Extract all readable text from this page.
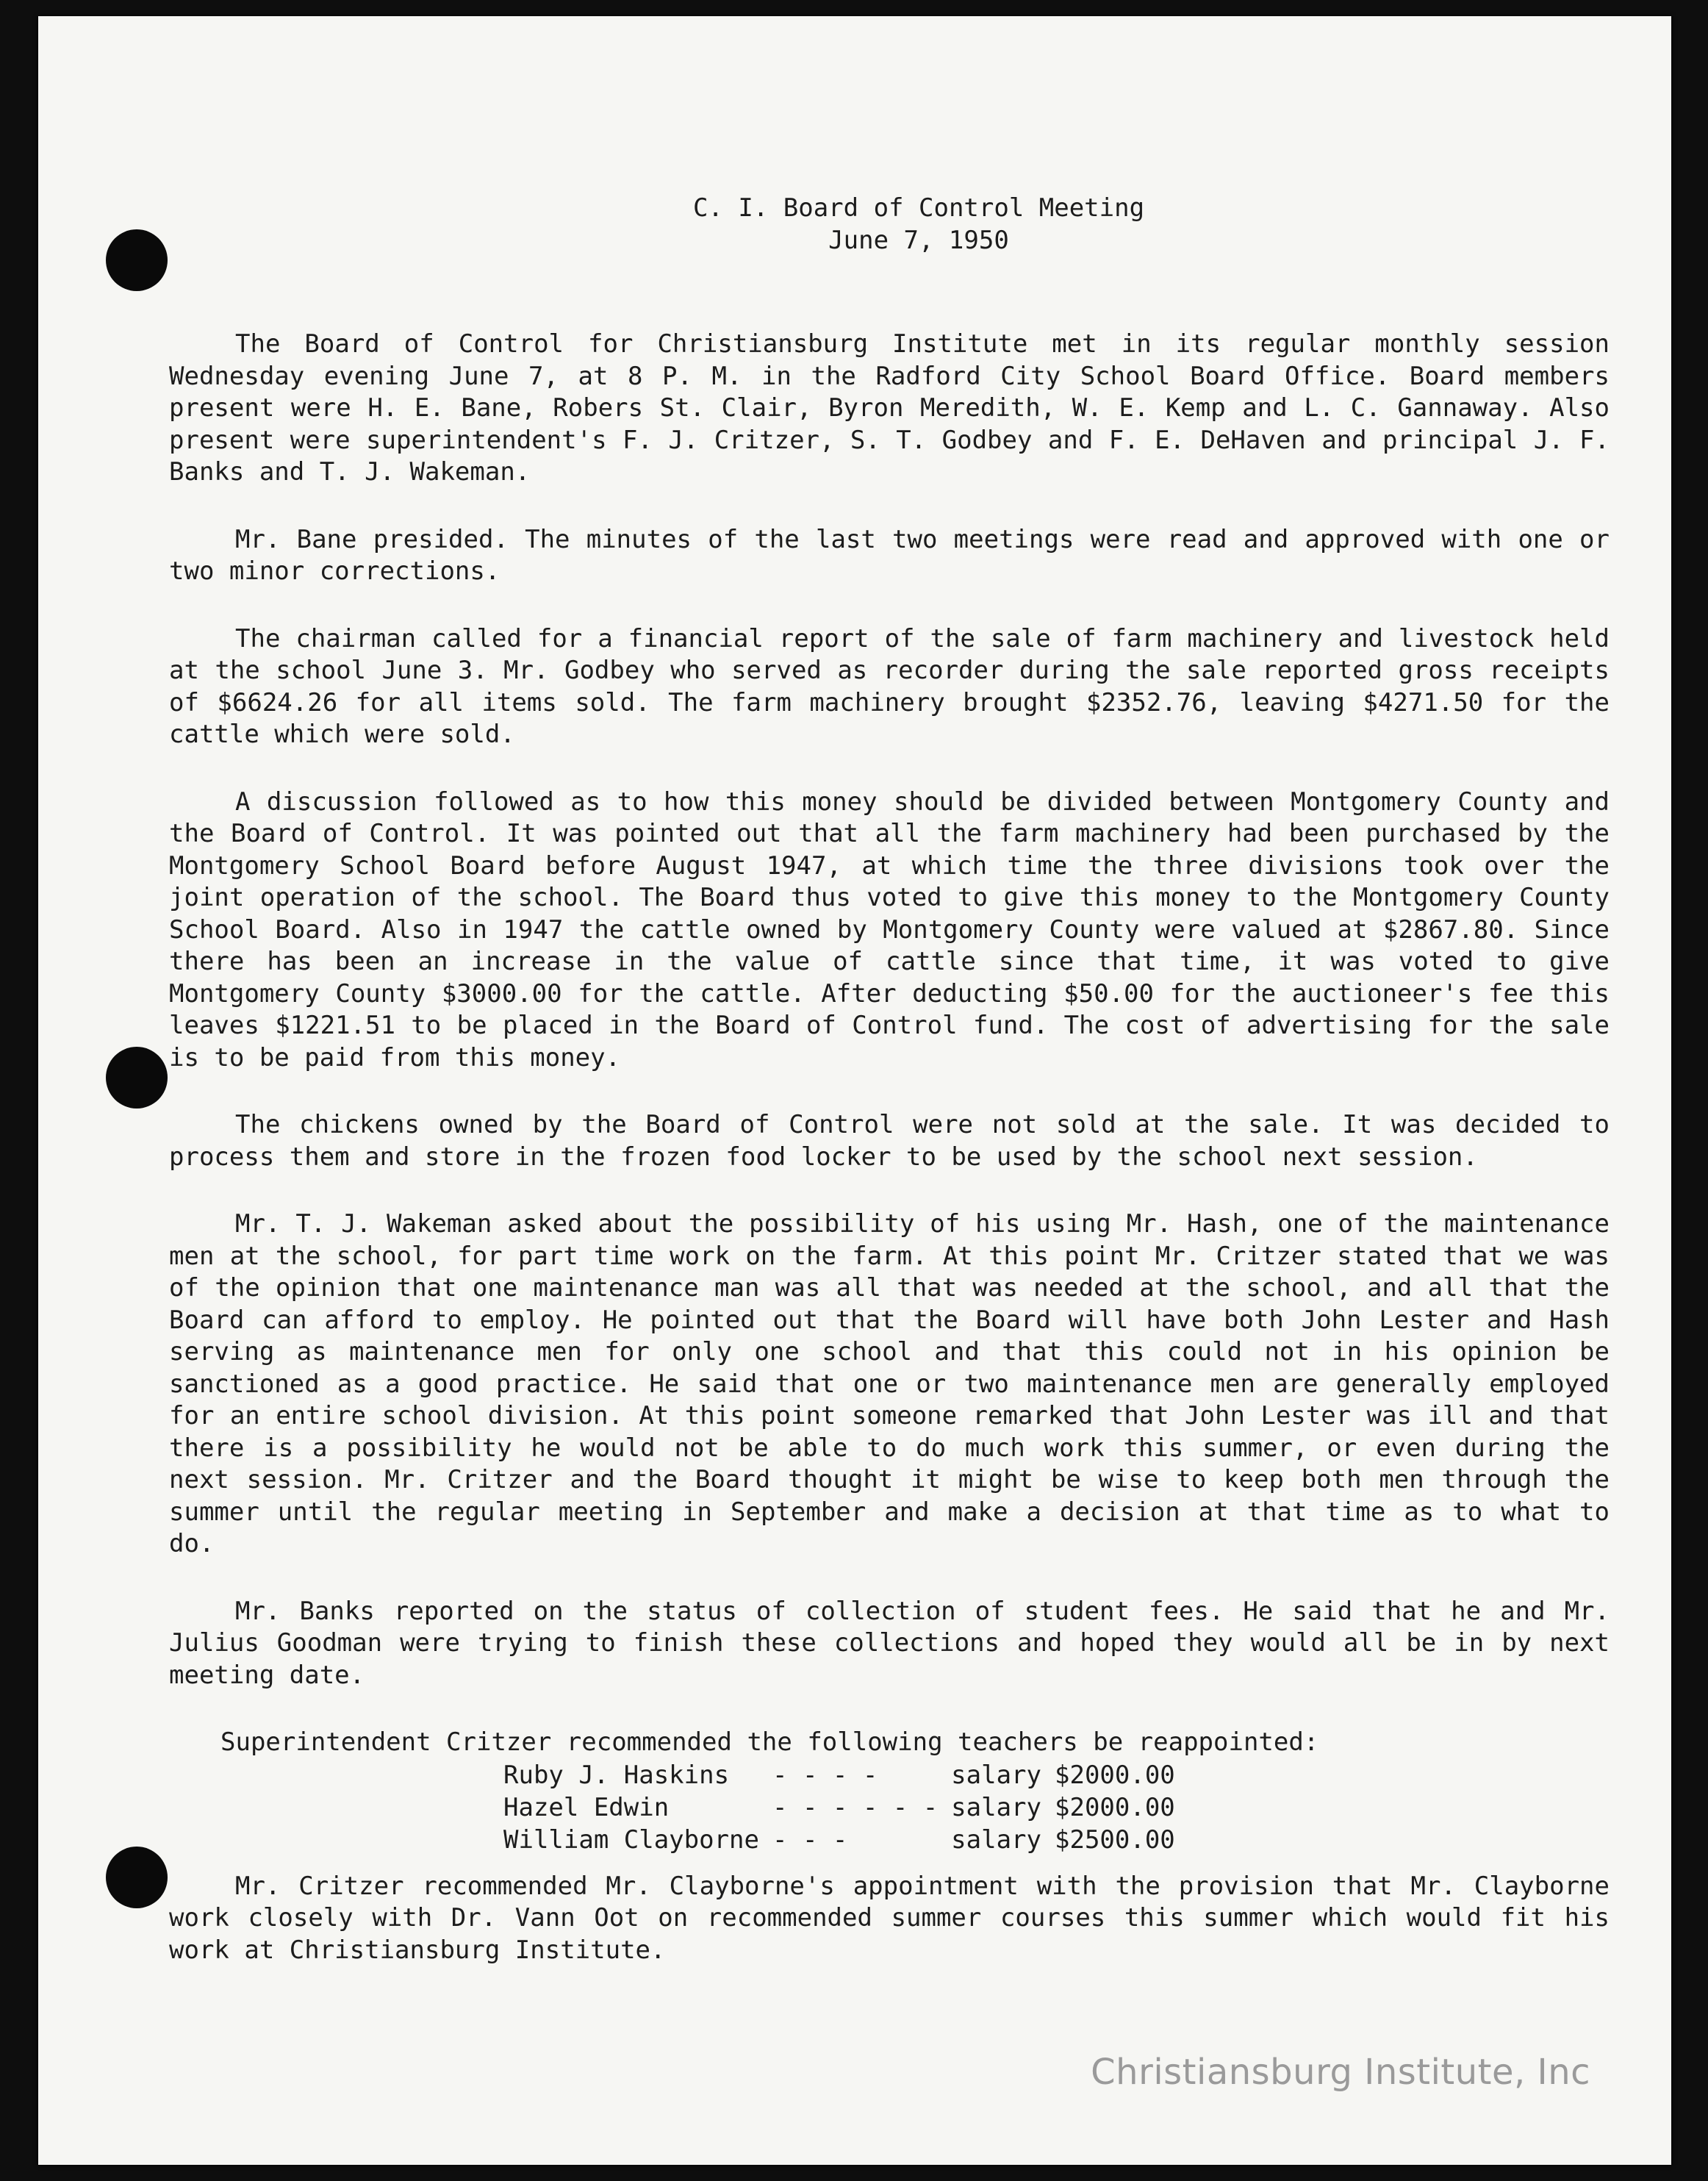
C. I. Board of Control Meeting
June 7, 1950

The Board of Control for Christiansburg Institute met in its regular monthly session Wednesday evening June 7, at 8 P. M. in the Radford City School Board Office. Board members present were H. E. Bane, Robers St. Clair, Byron Meredith, W. E. Kemp and L. C. Gannaway. Also present were superintendent's F. J. Critzer, S. T. Godbey and F. E. DeHaven and principal J. F. Banks and T. J. Wakeman.

Mr. Bane presided. The minutes of the last two meetings were read and approved with one or two minor corrections.

The chairman called for a financial report of the sale of farm machinery and livestock held at the school June 3. Mr. Godbey who served as recorder during the sale reported gross receipts of $6624.26 for all items sold. The farm machinery brought $2352.76, leaving $4271.50 for the cattle which were sold.

A discussion followed as to how this money should be divided between Montgomery County and the Board of Control. It was pointed out that all the farm machinery had been purchased by the Montgomery School Board before August 1947, at which time the three divisions took over the joint operation of the school. The Board thus voted to give this money to the Montgomery County School Board. Also in 1947 the cattle owned by Montgomery County were valued at $2867.80. Since there has been an increase in the value of cattle since that time, it was voted to give Montgomery County $3000.00 for the cattle. After deducting $50.00 for the auctioneer's fee this leaves $1221.51 to be placed in the Board of Control fund. The cost of advertising for the sale is to be paid from this money.

The chickens owned by the Board of Control were not sold at the sale. It was decided to process them and store in the frozen food locker to be used by the school next session.

Mr. T. J. Wakeman asked about the possibility of his using Mr. Hash, one of the maintenance men at the school, for part time work on the farm. At this point Mr. Critzer stated that we was of the opinion that one maintenance man was all that was needed at the school, and all that the Board can afford to employ. He pointed out that the Board will have both John Lester and Hash serving as maintenance men for only one school and that this could not in his opinion be sanctioned as a good practice. He said that one or two maintenance men are generally employed for an entire school division. At this point someone remarked that John Lester was ill and that there is a possibility he would not be able to do much work this summer, or even during the next session. Mr. Critzer and the Board thought it might be wise to keep both men through the summer until the regular meeting in September and make a decision at that time as to what to do.

Mr. Banks reported on the status of collection of student fees. He said that he and Mr. Julius Goodman were trying to finish these collections and hoped they would all be in by next meeting date.

Superintendent Critzer recommended the following teachers be reappointed:
Ruby J. Haskins	- - - -	salary	$2000.00
Hazel Edwin	- - - - - -	salary	$2000.00
William Clayborne	- - -	salary	$2500.00

Mr. Critzer recommended Mr. Clayborne's appointment with the provision that Mr. Clayborne work closely with Dr. Vann Oot on recommended summer courses this summer which would fit his work at Christiansburg Institute.

Christiansburg Institute, Inc
